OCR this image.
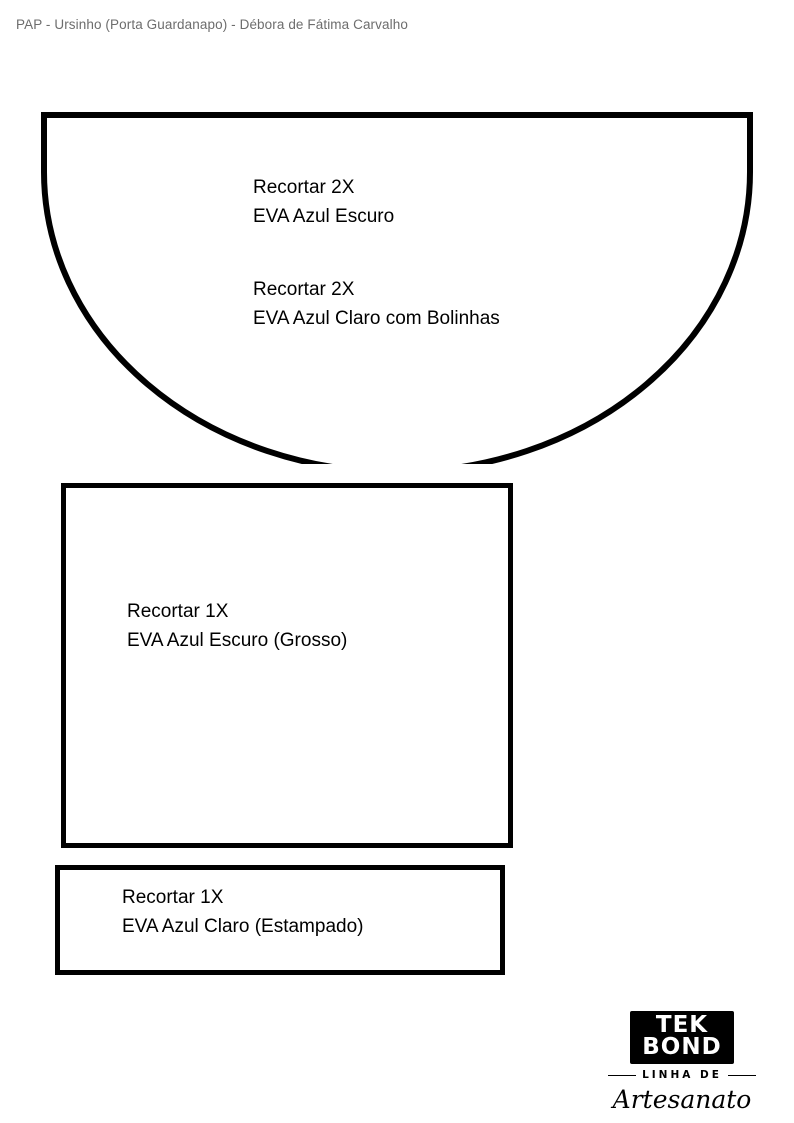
PAP - Ursinho (Porta Guardanapo) - Débora de Fátima Carvalho
Recortar 2X
EVA Azul Escuro
Recortar 2X
EVA Azul Claro com Bolinhas
Recortar 1X
EVA Azul Escuro (Grosso)
Recortar 1X
EVA Azul Claro (Estampado)
TEK
BOND
LINHA DE
Artesanato
